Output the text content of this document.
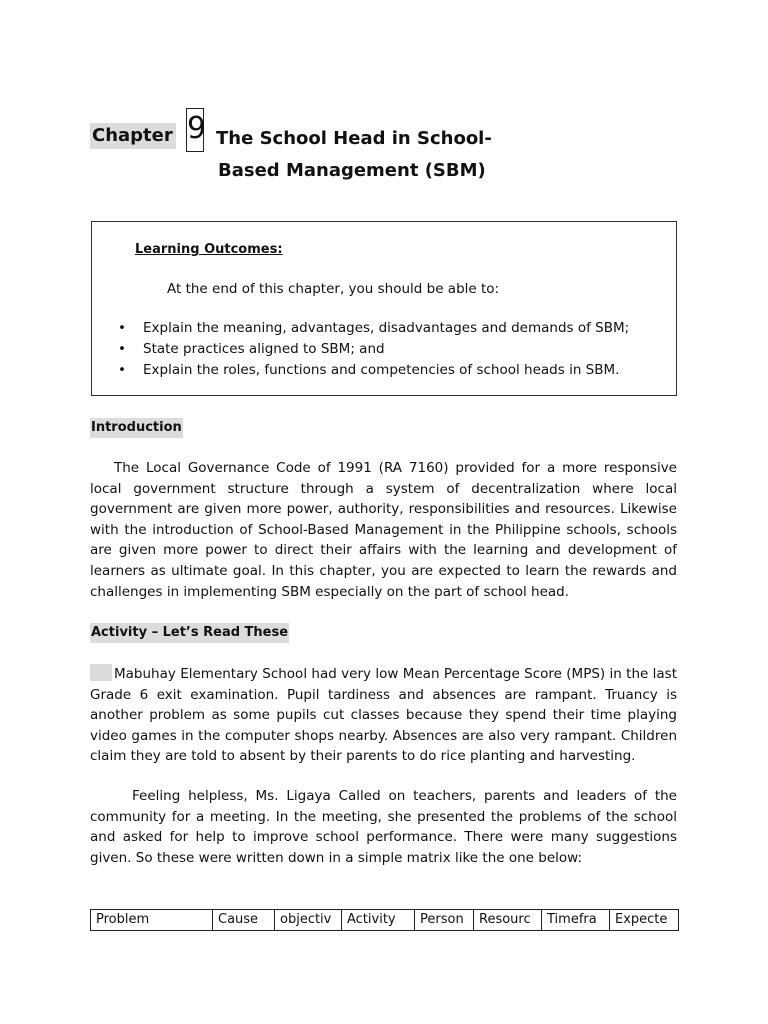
Chapter 9 The School Head in School-
Based Management (SBM)
Learning Outcomes:
At the end of this chapter, you should be able to:
• Explain the meaning, advantages, disadvantages and demands of SBM;
• State practices aligned to SBM; and
• Explain the roles, functions and competencies of school heads in SBM.
Introduction

The Local Governance Code of 1991 (RA 7160) provided for a more responsive local government structure through a system of decentralization where local government are given more power, authority, responsibilities and resources. Likewise with the introduction of School-Based Management in the Philippine schools, schools are given more power to direct their affairs with the learning and development of learners as ultimate goal. In this chapter, you are expected to learn the rewards and challenges in implementing SBM especially on the part of school head.

Activity – Let’s Read These

Mabuhay Elementary School had very low Mean Percentage Score (MPS) in the last Grade 6 exit examination. Pupil tardiness and absences are rampant. Truancy is another problem as some pupils cut classes because they spend their time playing video games in the computer shops nearby. Absences are also very rampant. Children claim they are told to absent by their parents to do rice planting and harvesting.

Feeling helpless, Ms. Ligaya Called on teachers, parents and leaders of the community for a meeting. In the meeting, she presented the problems of the school and asked for help to improve school performance. There were many suggestions given. So these were written down in a simple matrix like the one below:

Problem	Cause	objectiv	Activity	Person	Resourc	Timefra	Expecte
